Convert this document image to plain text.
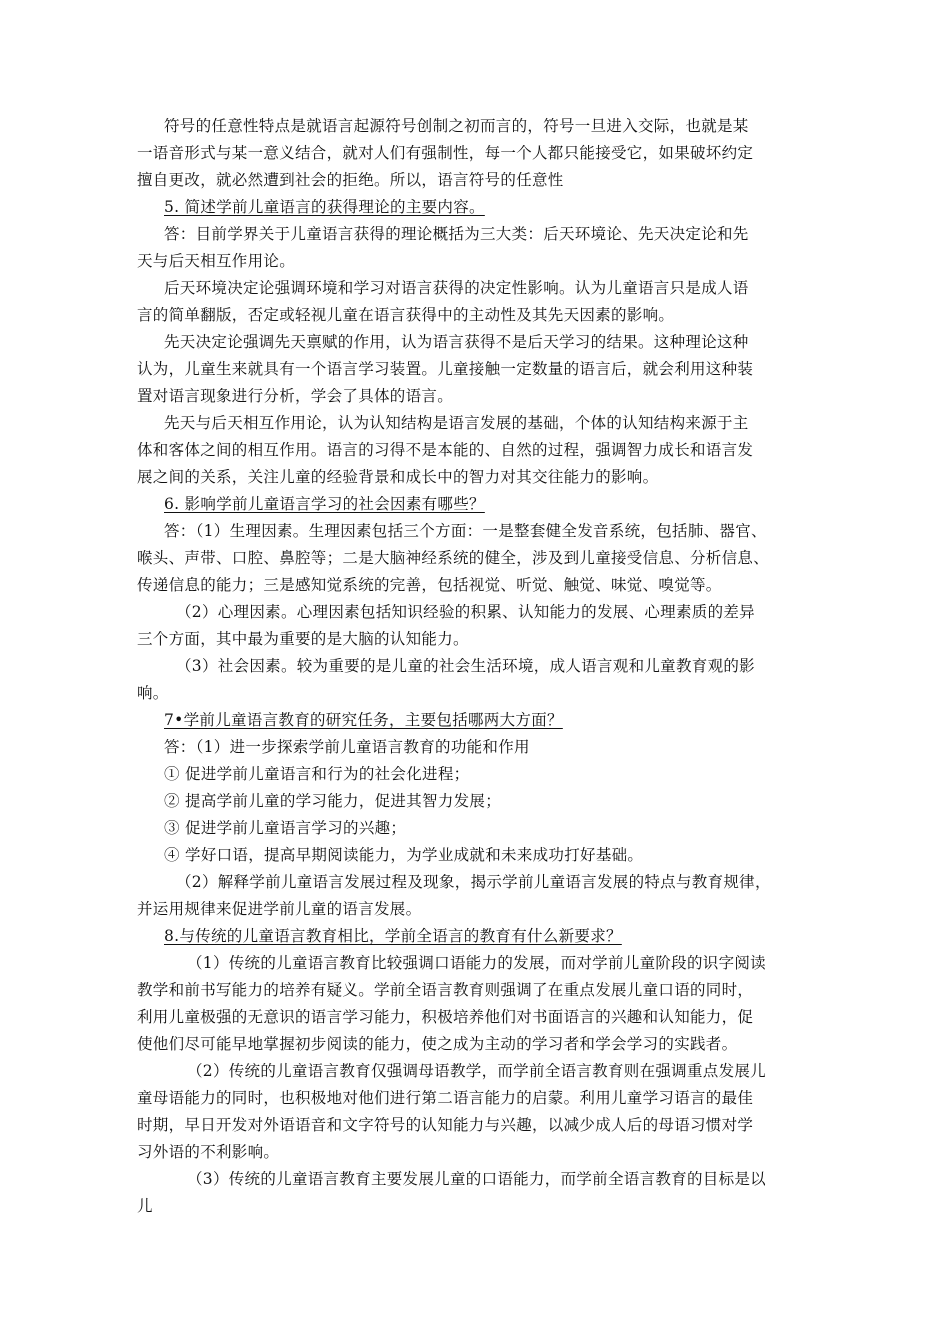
符号的任意性特点是就语言起源符号创制之初而言的，符号一旦进入交际，也就是某
一语音形式与某一意义结合，就对人们有强制性，每一个人都只能接受它，如果破坏约定
擅自更改，就必然遭到社会的拒绝。所以，语言符号的任意性
5. 简述学前儿童语言的获得理论的主要内容。
答：目前学界关于儿童语言获得的理论概括为三大类：后天环境论、先天决定论和先
天与后天相互作用论。
后天环境决定论强调环境和学习对语言获得的决定性影响。认为儿童语言只是成人语
言的简单翻版，否定或轻视儿童在语言获得中的主动性及其先天因素的影响。
先天决定论强调先天禀赋的作用，认为语言获得不是后天学习的结果。这种理论这种
认为，儿童生来就具有一个语言学习装置。儿童接触一定数量的语言后，就会利用这种装
置对语言现象进行分析，学会了具体的语言。
先天与后天相互作用论，认为认知结构是语言发展的基础，个体的认知结构来源于主
体和客体之间的相互作用。语言的习得不是本能的、自然的过程，强调智力成长和语言发
展之间的关系，关注儿童的经验背景和成长中的智力对其交往能力的影响。
6. 影响学前儿童语言学习的社会因素有哪些？
答：（1）生理因素。生理因素包括三个方面：一是整套健全发音系统，包括肺、器官、
喉头、声带、口腔、鼻腔等；二是大脑神经系统的健全，涉及到儿童接受信息、分析信息、
传递信息的能力；三是感知觉系统的完善，包括视觉、听觉、触觉、味觉、嗅觉等。
（2）心理因素。心理因素包括知识经验的积累、认知能力的发展、心理素质的差异
三个方面，其中最为重要的是大脑的认知能力。
（3）社会因素。较为重要的是儿童的社会生活环境，成人语言观和儿童教育观的影
响。
7•学前儿童语言教育的研究任务，主要包括哪两大方面？
答：（1）进一步探索学前儿童语言教育的功能和作用
① 促进学前儿童语言和行为的社会化进程；
② 提高学前儿童的学习能力，促进其智力发展；
③ 促进学前儿童语言学习的兴趣；
④ 学好口语，提高早期阅读能力，为学业成就和未来成功打好基础。
（2）解释学前儿童语言发展过程及现象，揭示学前儿童语言发展的特点与教育规律，
并运用规律来促进学前儿童的语言发展。
8.与传统的儿童语言教育相比，学前全语言的教育有什么新要求？
（1）传统的儿童语言教育比较强调口语能力的发展，而对学前儿童阶段的识字阅读
教学和前书写能力的培养有疑义。学前全语言教育则强调了在重点发展儿童口语的同时，
利用儿童极强的无意识的语言学习能力，积极培养他们对书面语言的兴趣和认知能力，促
使他们尽可能早地掌握初步阅读的能力，使之成为主动的学习者和学会学习的实践者。
（2）传统的儿童语言教育仅强调母语教学，而学前全语言教育则在强调重点发展儿
童母语能力的同时，也积极地对他们进行第二语言能力的启蒙。利用儿童学习语言的最佳
时期，早日开发对外语语音和文字符号的认知能力与兴趣，以减少成人后的母语习惯对学
习外语的不利影响。
（3）传统的儿童语言教育主要发展儿童的口语能力，而学前全语言教育的目标是以
儿
